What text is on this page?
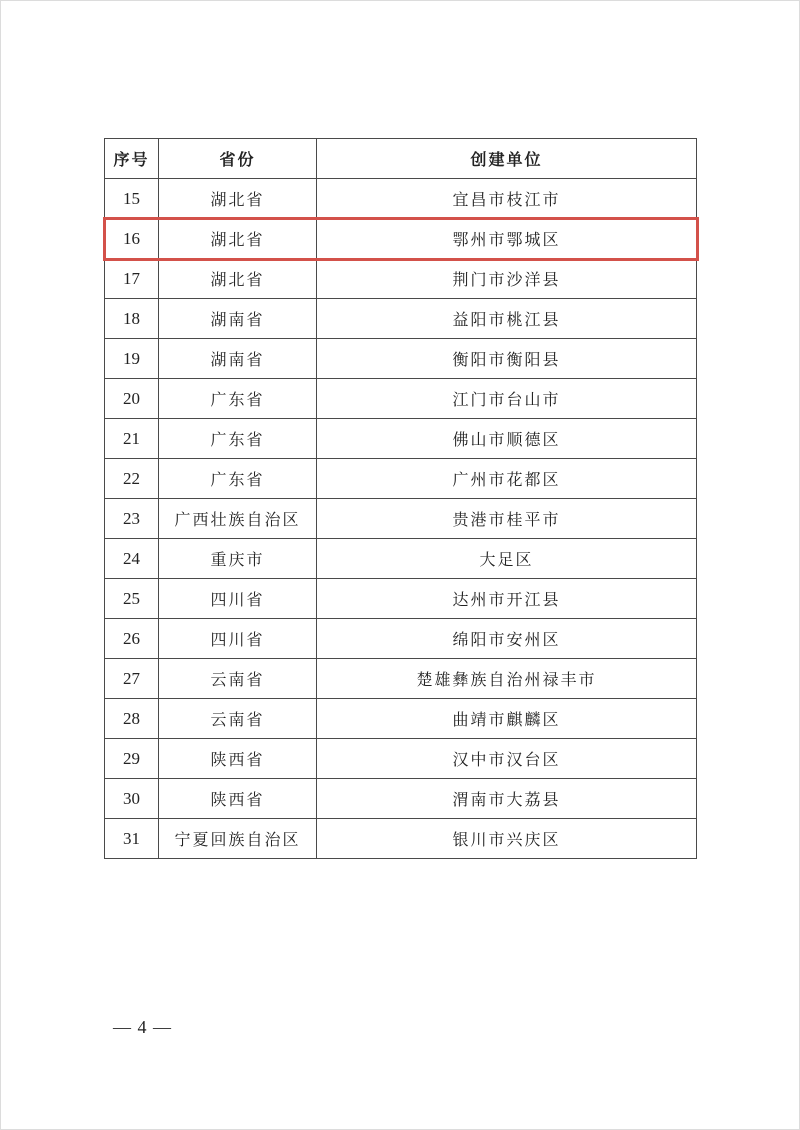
序号	省份	创建单位
15	湖北省	宜昌市枝江市
16	湖北省	鄂州市鄂城区
17	湖北省	荆门市沙洋县
18	湖南省	益阳市桃江县
19	湖南省	衡阳市衡阳县
20	广东省	江门市台山市
21	广东省	佛山市顺德区
22	广东省	广州市花都区
23	广西壮族自治区	贵港市桂平市
24	重庆市	大足区
25	四川省	达州市开江县
26	四川省	绵阳市安州区
27	云南省	楚雄彝族自治州禄丰市
28	云南省	曲靖市麒麟区
29	陕西省	汉中市汉台区
30	陕西省	渭南市大荔县
31	宁夏回族自治区	银川市兴庆区
— 4 —
